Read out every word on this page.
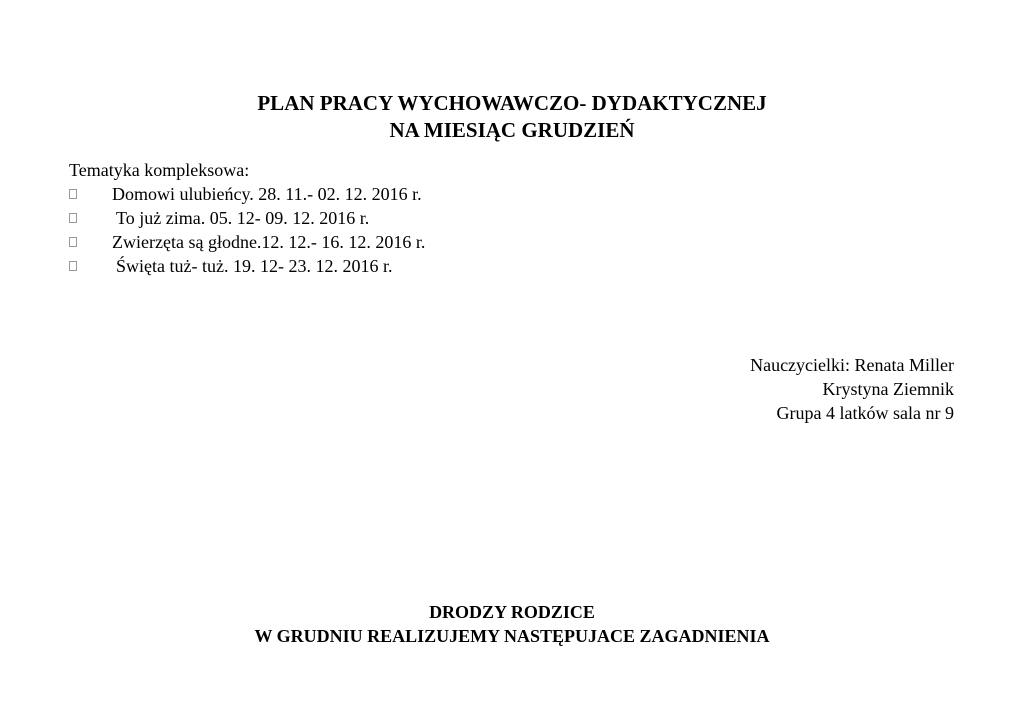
PLAN PRACY WYCHOWAWCZO- DYDAKTYCZNEJ
NA MIESIĄC GRUDZIEŃ
Tematyka kompleksowa:
Domowi ulubieńcy. 28. 11.- 02. 12. 2016 r.
To już zima. 05. 12- 09. 12. 2016 r.
Zwierzęta są głodne.12. 12.- 16. 12. 2016 r.
Święta tuż- tuż. 19. 12- 23. 12. 2016 r.
Nauczycielki: Renata Miller
Krystyna Ziemnik
Grupa 4 latków sala nr 9
DRODZY RODZICE
W GRUDNIU REALIZUJEMY NASTĘPUJACE ZAGADNIENIA
